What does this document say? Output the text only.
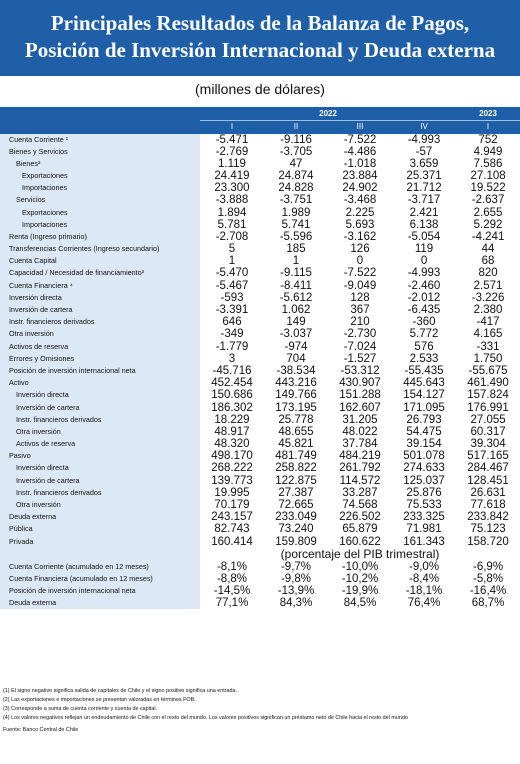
Principales Resultados de la Balanza de Pagos,
Posición de Inversión Internacional y Deuda externa
(millones de dólares)
	2022				2023
	I	II	III	IV	I
Cuenta Corriente ¹	-5.471	-9.116	-7.522	-4.993	752
Bienes y Servicios	-2.769	-3.705	-4.486	-57	4.949
Bienes²	1.119	47	-1.018	3.659	7.586
Exportaciones	24.419	24.874	23.884	25.371	27.108
Importaciones	23.300	24.828	24.902	21.712	19.522
Servicios	-3.888	-3.751	-3.468	-3.717	-2.637
Exportaciones	1.894	1.989	2.225	2.421	2.655
Importaciones	5.781	5.741	5.693	6.138	5.292
Renta (Ingreso primario)	-2.708	-5.596	-3.162	-5.054	-4.241
Transferencias Corrientes (Ingreso secundario)	5	185	126	119	44
Cuenta Capital	1	1	0	0	68
Capacidad / Necesidad de financiamiento³	-5.470	-9.115	-7.522	-4.993	820
Cuenta Financiera ⁴	-5.467	-8.411	-9.049	-2.460	2.571
Inversión directa	-593	-5.612	128	-2.012	-3.226
Inversión de cartera	-3.391	1.062	367	-6.435	2.380
Instr. financieros derivados	646	149	210	-360	-417
Otra inversión	-349	-3.037	-2.730	5.772	4.165
Activos de reserva	-1.779	-974	-7.024	576	-331
Errores y Omisiones	3	704	-1.527	2.533	1.750
Posición de inversión internacional neta	-45.716	-38.534	-53.312	-55.435	-55.675
Activo	452.454	443.216	430.907	445.643	461.490
Inversión directa	150.686	149.766	151.288	154.127	157.824
Inversión de cartera	186.302	173.195	162.607	171.095	176.991
Instr. financieros derivados	18.229	25.778	31.205	26.793	27.055
Otra inversión	48.917	48.655	48.022	54.475	60.317
Activos de reserva	48.320	45.821	37.784	39.154	39.304
Pasivo	498.170	481.749	484.219	501.078	517.165
Inversión directa	268.222	258.822	261.792	274.633	284.467
Inversión de cartera	139.773	122.875	114.572	125.037	128.451
Instr. financieros derivados	19.995	27.387	33.287	25.876	26.631
Otra inversión	70.179	72.665	74.568	75.533	77.618
Deuda externa	243.157	233.049	226.502	233.325	233.842
Pública	82.743	73.240	65.879	71.981	75.123
Privada	160.414	159.809	160.622	161.343	158.720
	(porcentaje del PIB trimestral)				
Cuenta Corriente (acumulado en 12 meses)	-8,1%	-9,7%	-10,0%	-9,0%	-6,9%
Cuenta Financiera (acumulado en 12 meses)	-8,8%	-9,8%	-10,2%	-8,4%	-5,8%
Posición de inversión internacional neta	-14,5%	-13,9%	-19,9%	-18,1%	-16,4%
Deuda externa	77,1%	84,3%	84,5%	76,4%	68,7%
(1) El signo negativo significa salida de capitales de Chile y el signo positivo significa una entrada.
(2) Las exportaciones e importaciones se presentan valoradas en términos FOB.
(3) Corresponde a suma de cuenta corriente y cuenta de capital.
(4) Los valores negativos reflejan un endeudamiento de Chile con el resto del mundo. Los valores positivos significan un préstamo neto de Chile hacia el resto del mundo
Fuente: Banco Central de Chile
